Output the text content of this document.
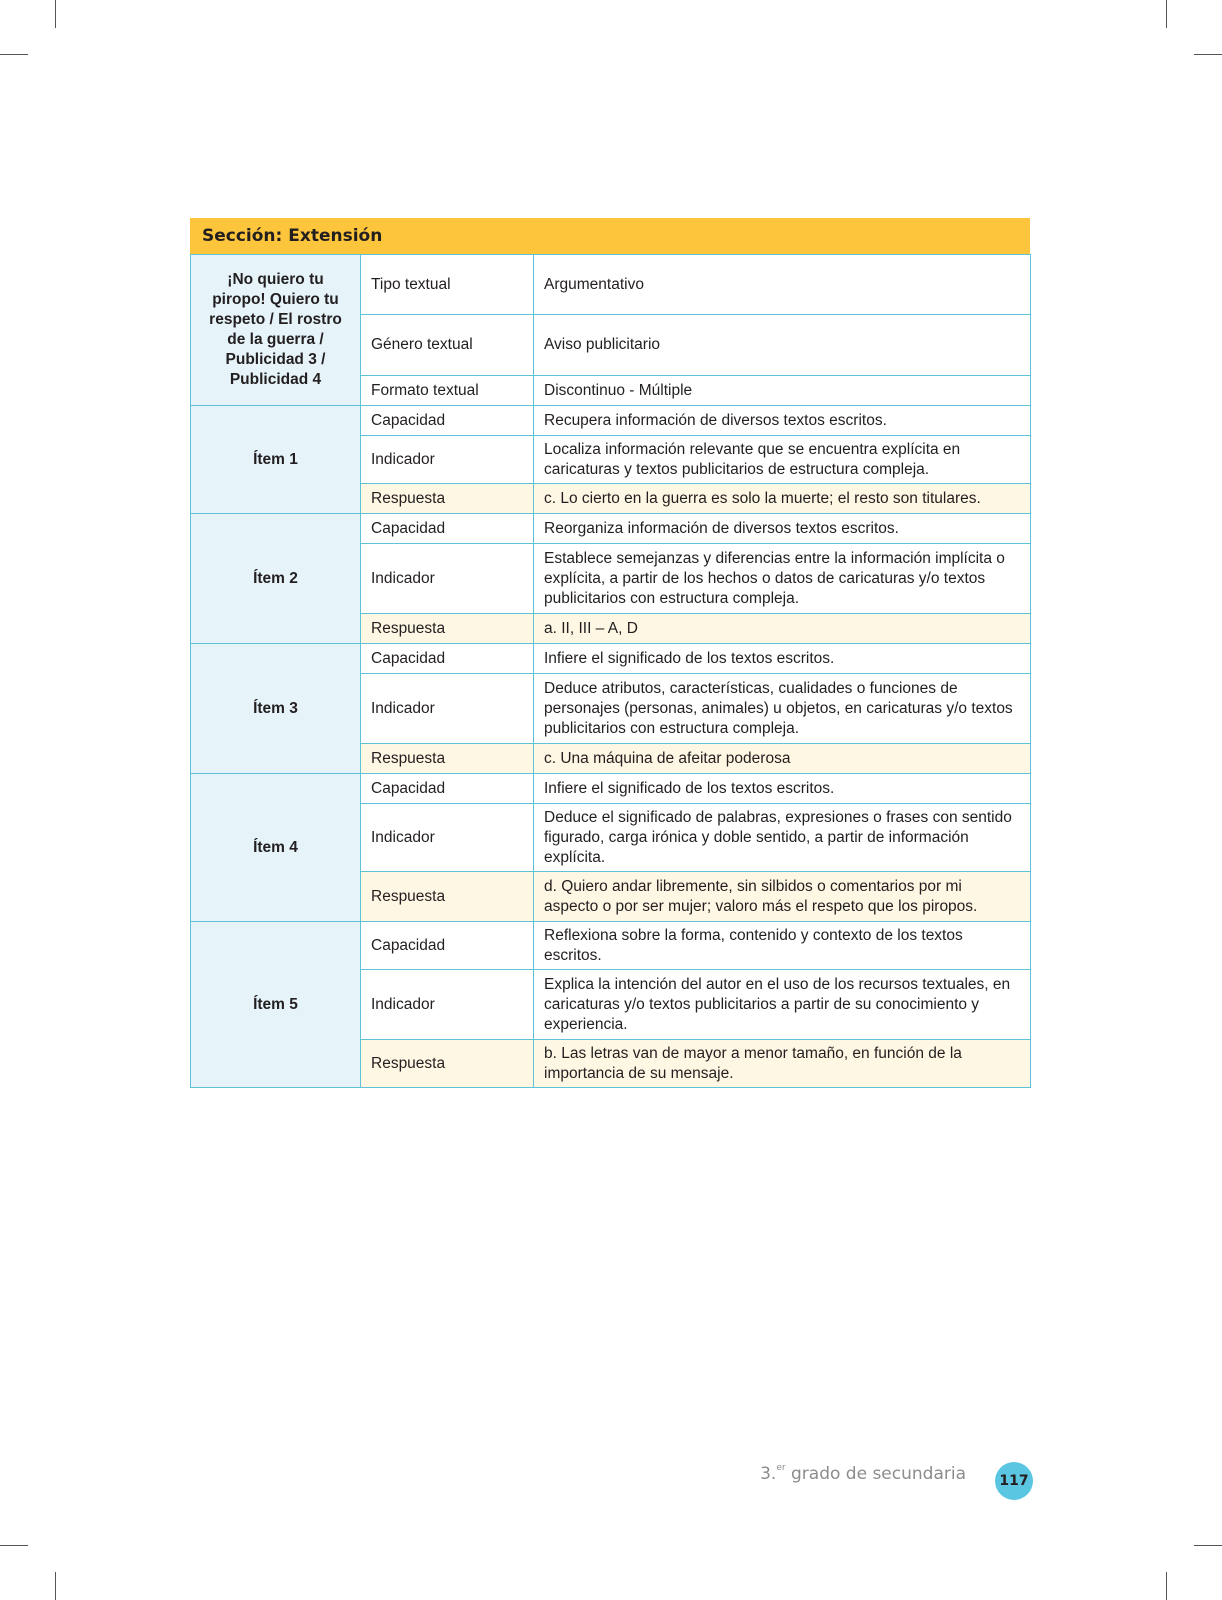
Sección: Extensión
¡No quiero tu piropo! Quiero tu respeto / El rostro de la guerra / Publicidad 3 / Publicidad 4	Tipo textual	Argumentativo
	Género textual	Aviso publicitario
	Formato textual	Discontinuo - Múltiple
Ítem 1	Capacidad	Recupera información de diversos textos escritos.
	Indicador	Localiza información relevante que se encuentra explícita en caricaturas y textos publicitarios de estructura compleja.
	Respuesta	c. Lo cierto en la guerra es solo la muerte; el resto son titulares.
Ítem 2	Capacidad	Reorganiza información de diversos textos escritos.
	Indicador	Establece semejanzas y diferencias entre la información implícita o explícita, a partir de los hechos o datos de caricaturas y/o textos publicitarios con estructura compleja.
	Respuesta	a. II, III – A, D
Ítem 3	Capacidad	Infiere el significado de los textos escritos.
	Indicador	Deduce atributos, características, cualidades o funciones de personajes (personas, animales) u objetos, en caricaturas y/o textos publicitarios con estructura compleja.
	Respuesta	c. Una máquina de afeitar poderosa
Ítem 4	Capacidad	Infiere el significado de los textos escritos.
	Indicador	Deduce el significado de palabras, expresiones o frases con sentido figurado, carga irónica y doble sentido, a partir de información explícita.
	Respuesta	d. Quiero andar libremente, sin silbidos o comentarios por mi aspecto o por ser mujer; valoro más el respeto que los piropos.
Ítem 5	Capacidad	Reflexiona sobre la forma, contenido y contexto de los textos escritos.
	Indicador	Explica la intención del autor en el uso de los recursos textuales, en caricaturas y/o textos publicitarios a partir de su conocimiento y experiencia.
	Respuesta	b. Las letras van de mayor a menor tamaño, en función de la importancia de su mensaje.
3.$^{er}$ grado de secundaria	117
